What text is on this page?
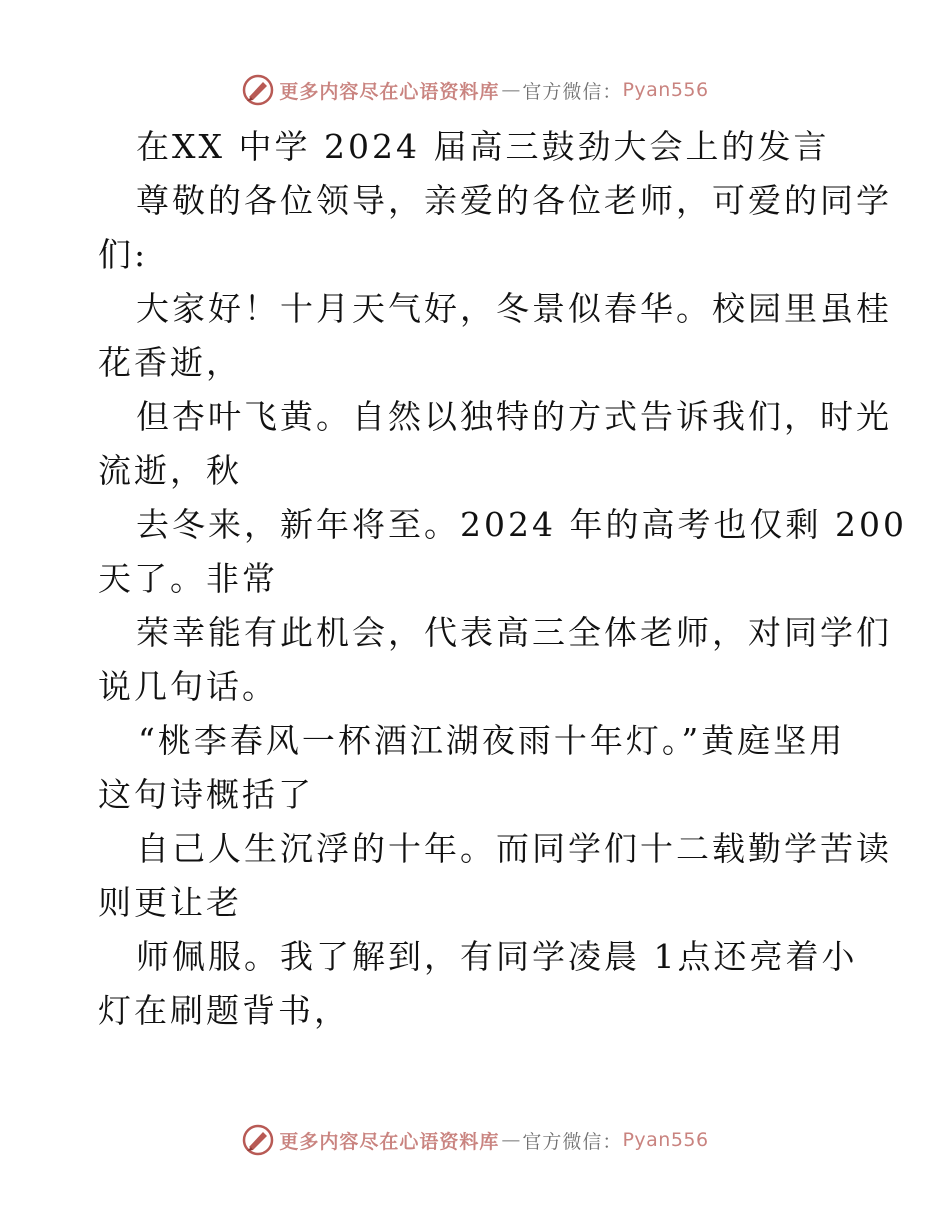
更多内容尽在心语资料库 — 官方微信： Pyan556
在XX 中学 2024 届高三鼓劲大会上的发言
尊敬的各位领导，亲爱的各位老师，可爱的同学
们:
大家好！十月天气好，冬景似春华。校园里虽桂
花香逝，
但杏叶飞黄。自然以独特的方式告诉我们，时光
流逝，秋
去冬来，新年将至。2024 年的高考也仅剩 200
天了。非常
荣幸能有此机会，代表高三全体老师，对同学们
说几句话。
“桃李春风一杯酒江湖夜雨十年灯。”黄庭坚用
这句诗概括了
自己人生沉浮的十年。而同学们十二载勤学苦读
则更让老
师佩服。我了解到，有同学凌晨 1点还亮着小
灯在刷题背书，
更多内容尽在心语资料库 — 官方微信： Pyan556
